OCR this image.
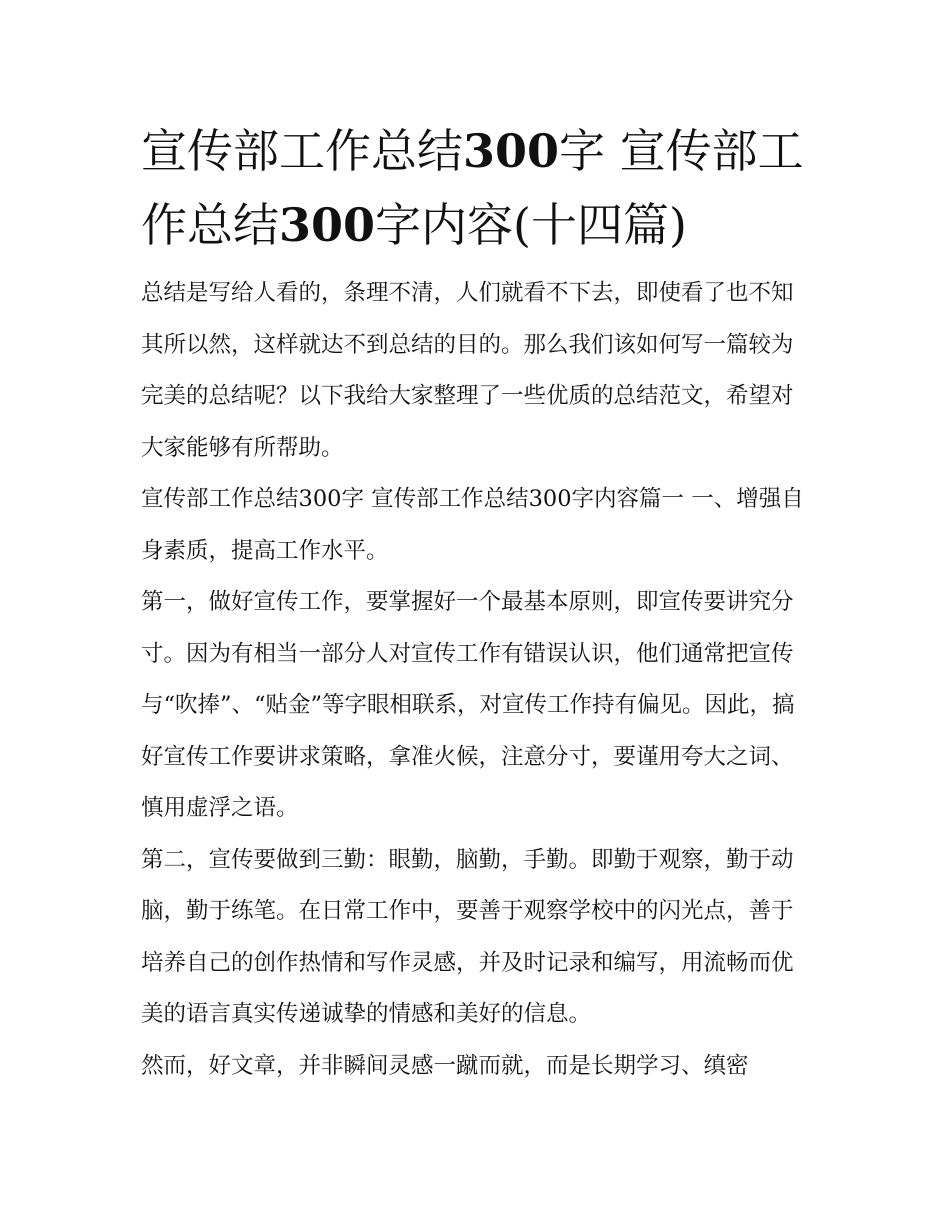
宣传部工作总结300字 宣传部工作总结300字内容(十四篇)

总结是写给人看的，条理不清，人们就看不下去，即使看了也不知其所以然，这样就达不到总结的目的。那么我们该如何写一篇较为完美的总结呢？以下我给大家整理了一些优质的总结范文，希望对大家能够有所帮助。

宣传部工作总结300字 宣传部工作总结300字内容篇一 一、增强自身素质，提高工作水平。

第一，做好宣传工作，要掌握好一个最基本原则，即宣传要讲究分寸。因为有相当一部分人对宣传工作有错误认识，他们通常把宣传与“吹捧”、“贴金”等字眼相联系，对宣传工作持有偏见。因此，搞好宣传工作要讲求策略，拿准火候，注意分寸，要谨用夸大之词、慎用虚浮之语。

第二，宣传要做到三勤：眼勤，脑勤，手勤。即勤于观察，勤于动脑，勤于练笔。在日常工作中，要善于观察学校中的闪光点，善于培养自己的创作热情和写作灵感，并及时记录和编写，用流畅而优美的语言真实传递诚挚的情感和美好的信息。

然而，好文章，并非瞬间灵感一蹴而就，而是长期学习、缜密
